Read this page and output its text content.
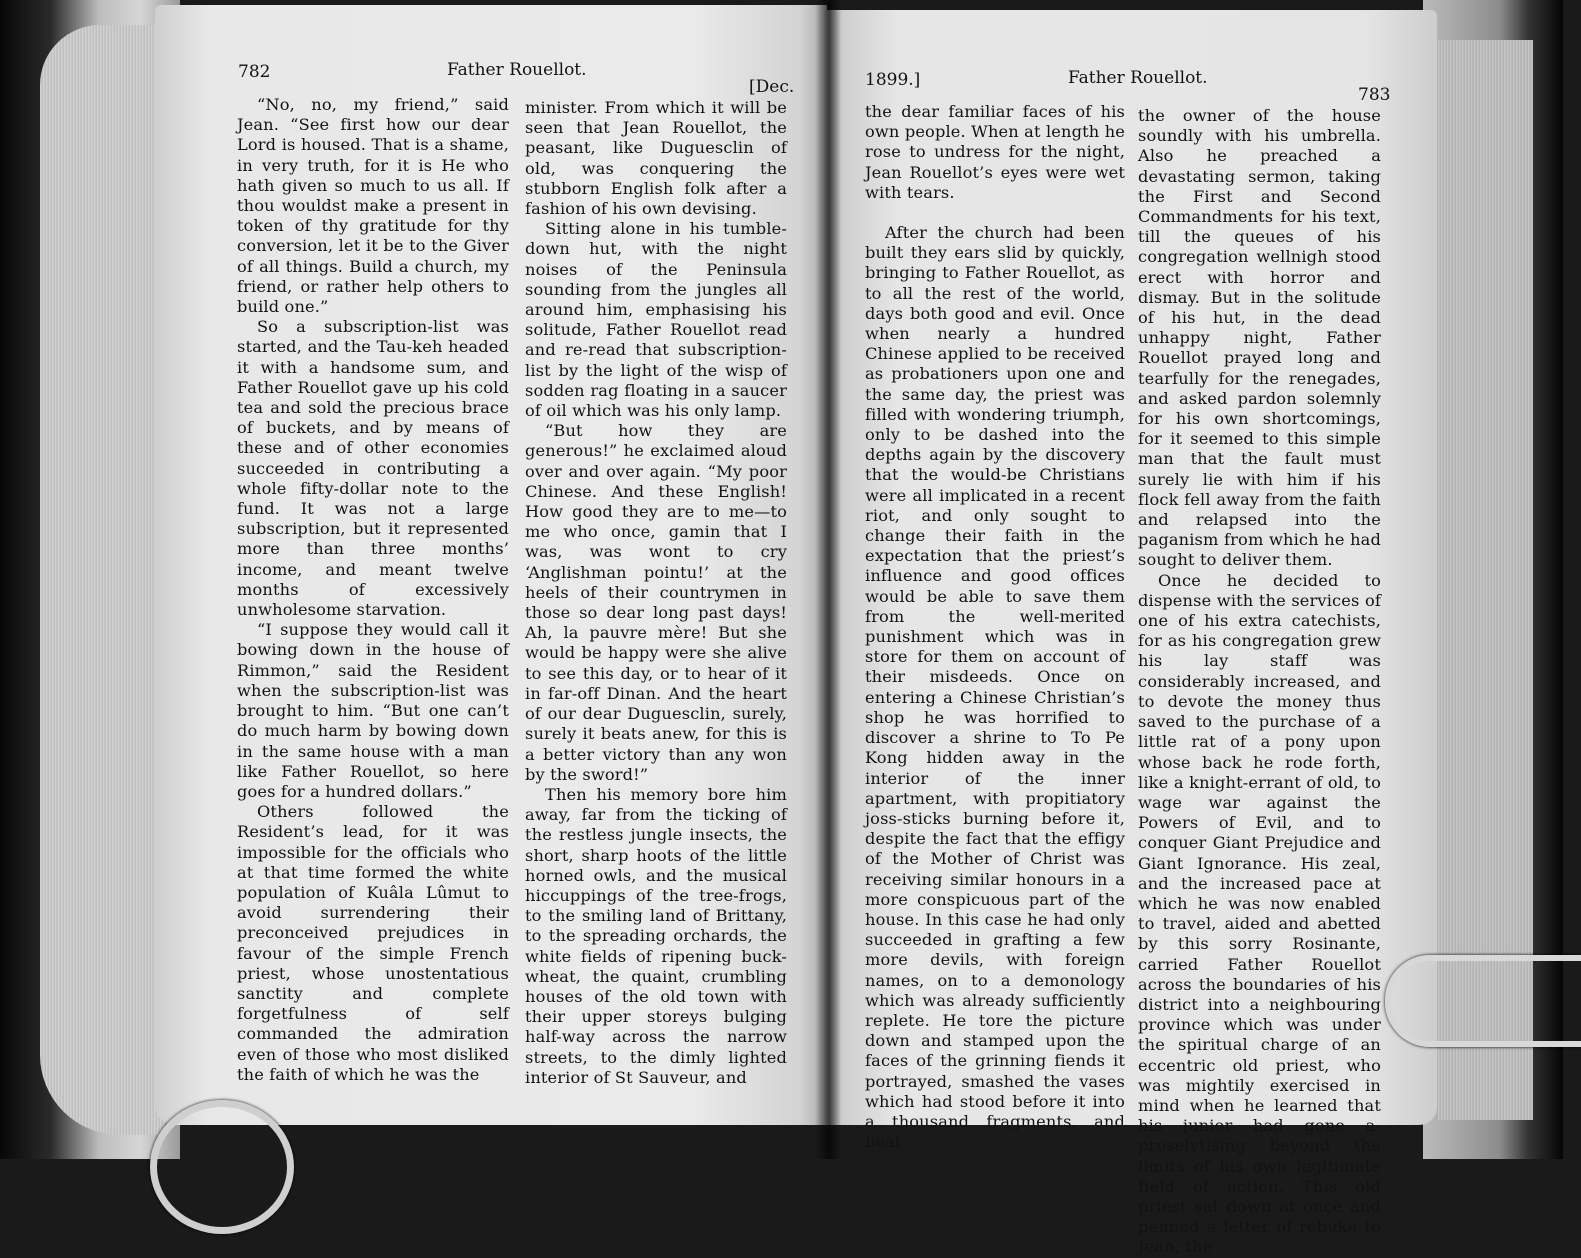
782	Father Rouellot.
[Dec.

“No, no, my friend,” said Jean. “See first how our dear Lord is housed. That is a shame, in very truth, for it is He who hath given so much to us all. If thou wouldst make a present in token of thy gratitude for thy conversion, let it be to the Giver of all things. Build a church, my friend, or rather help others to build one.”

So a subscription-list was started, and the Tau-keh headed it with a handsome sum, and Father Rouellot gave up his cold tea and sold the precious brace of buckets, and by means of these and of other economies succeeded in contributing a whole fifty-dollar note to the fund. It was not a large subscription, but it represented more than three months’ income, and meant twelve months of excessively unwholesome starvation.

“I suppose they would call it bowing down in the house of Rimmon,” said the Resident when the subscription-list was brought to him. “But one can’t do much harm by bowing down in the same house with a man like Father Rouellot, so here goes for a hundred dollars.”

Others followed the Resident’s lead, for it was impossible for the officials who at that time formed the white population of Kuâla Lûmut to avoid surrendering their preconceived prejudices in favour of the simple French priest, whose unostentatious sanctity and complete forgetfulness of self commanded the admiration even of those who most disliked the faith of which he was the

minister. From which it will be seen that Jean Rouellot, the peasant, like Duguesclin of old, was conquering the stubborn English folk after a fashion of his own devising.

Sitting alone in his tumble-down hut, with the night noises of the Peninsula sounding from the jungles all around him, emphasising his solitude, Father Rouellot read and re-read that subscription-list by the light of the wisp of sodden rag floating in a saucer of oil which was his only lamp.

“But how they are generous!” he exclaimed aloud over and over again. “My poor Chinese. And these English! How good they are to me—to me who once, gamin that I was, was wont to cry ‘Anglishman pointu!’ at the heels of their countrymen in those so dear long past days! Ah, la pauvre mère! But she would be happy were she alive to see this day, or to hear of it in far-off Dinan. And the heart of our dear Duguesclin, surely, surely it beats anew, for this is a better victory than any won by the sword!”

Then his memory bore him away, far from the ticking of the restless jungle insects, the short, sharp hoots of the little horned owls, and the musical hiccuppings of the tree-frogs, to the smiling land of Brittany, to the spreading orchards, the white fields of ripening buck-wheat, the quaint, crumbling houses of the old town with their upper storeys bulging half-way across the narrow streets, to the dimly lighted interior of St Sauveur, and

1899.]	Father Rouellot.
783

the dear familiar faces of his own people. When at length he rose to undress for the night, Jean Rouellot’s eyes were wet with tears.

After the church had been built they ears slid by quickly, bringing to Father Rouellot, as to all the rest of the world, days both good and evil. Once when nearly a hundred Chinese applied to be received as probationers upon one and the same day, the priest was filled with wondering triumph, only to be dashed into the depths again by the discovery that the would-be Christians were all implicated in a recent riot, and only sought to change their faith in the expectation that the priest’s influence and good offices would be able to save them from the well-merited punishment which was in store for them on account of their misdeeds. Once on entering a Chinese Christian’s shop he was horrified to discover a shrine to To Pe Kong hidden away in the interior of the inner apartment, with propitiatory joss-sticks burning before it, despite the fact that the effigy of the Mother of Christ was receiving similar honours in a more conspicuous part of the house. In this case he had only succeeded in grafting a few more devils, with foreign names, on to a demonology which was already sufficiently replete. He tore the picture down and stamped upon the faces of the grinning fiends it portrayed, smashed the vases which had stood before it into a thousand fragments, and beat

the owner of the house soundly with his umbrella. Also he preached a devastating sermon, taking the First and Second Commandments for his text, till the queues of his congregation wellnigh stood erect with horror and dismay. But in the solitude of his hut, in the dead unhappy night, Father Rouellot prayed long and tearfully for the renegades, and asked pardon solemnly for his own shortcomings, for it seemed to this simple man that the fault must surely lie with him if his flock fell away from the faith and relapsed into the paganism from which he had sought to deliver them.

Once he decided to dispense with the services of one of his extra catechists, for as his congregation grew his lay staff was considerably increased, and to devote the money thus saved to the purchase of a little rat of a pony upon whose back he rode forth, like a knight-errant of old, to wage war against the Powers of Evil, and to conquer Giant Prejudice and Giant Ignorance. His zeal, and the increased pace at which he was now enabled to travel, aided and abetted by this sorry Rosinante, carried Father Rouellot across the boundaries of his district into a neighbouring province which was under the spiritual charge of an eccentric old priest, who was mightily exercised in mind when he learned that his junior had gone a-proselytising beyond the limits of his own legitimate field of action. This old priest sat down at once and penned a letter of rebuke to Jean, the
